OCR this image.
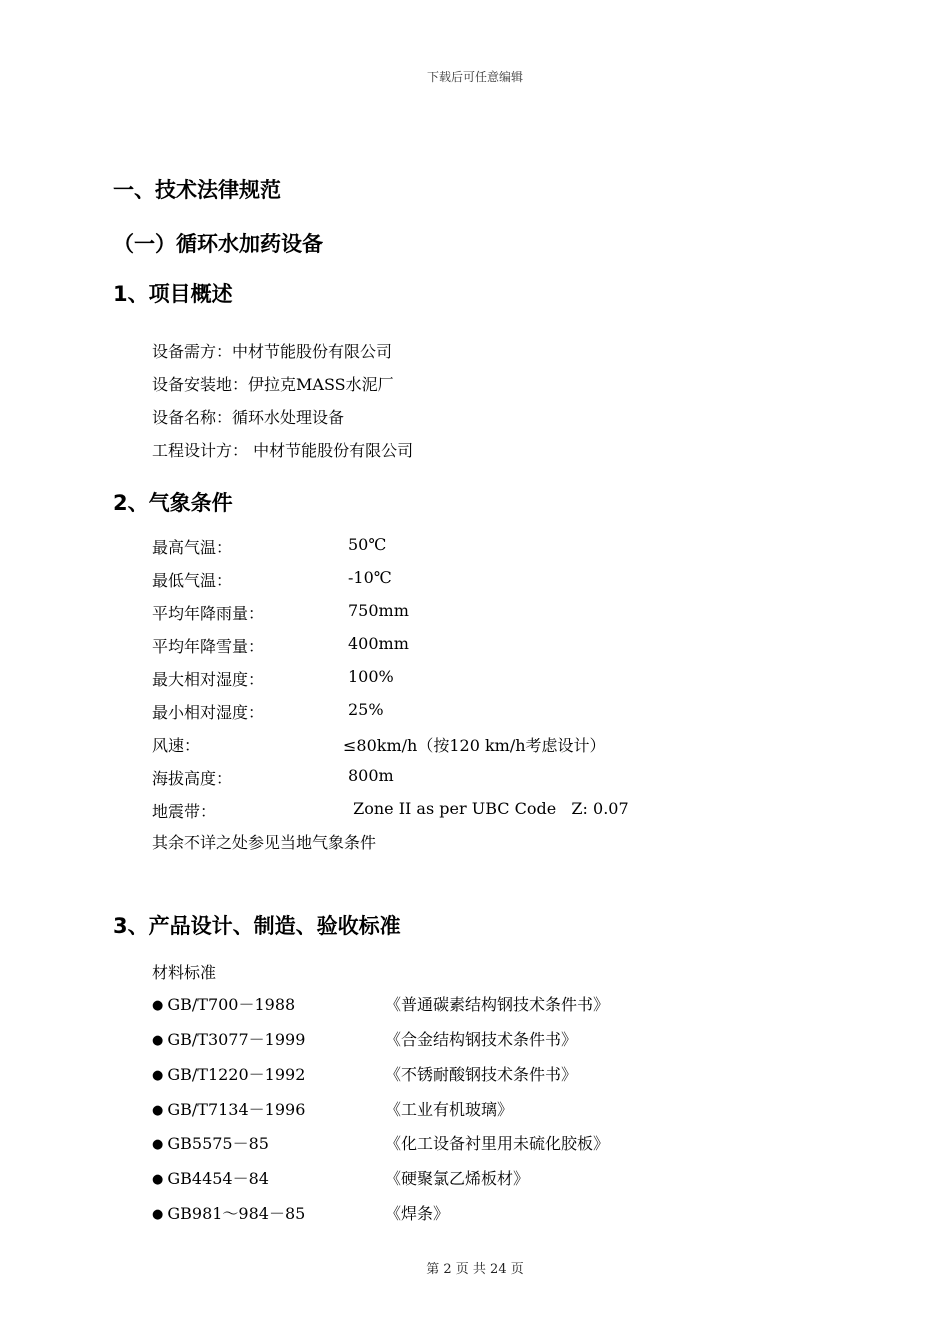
下载后可任意编辑
一、技术法律规范
（一）循环水加药设备
1、项目概述
设备需方：中材节能股份有限公司
设备安装地：伊拉克MASS水泥厂
设备名称：循环水处理设备
工程设计方： 中材节能股份有限公司
2、气象条件
最高气温：	50℃
最低气温：	-10℃
平均年降雨量：	750mm
平均年降雪量：	400mm
最大相对湿度：	100%
最小相对湿度：	25%
风速：	≤80km/h（按120 km/h考虑设计）
海拔高度：	800m
地震带：	Zone II as per UBC Code   Z: 0.07
其余不详之处参见当地气象条件
3、产品设计、制造、验收标准
材料标准
● GB/T700－1988	《普通碳素结构钢技术条件书》
● GB/T3077－1999	《合金结构钢技术条件书》
● GB/T1220－1992	《不锈耐酸钢技术条件书》
● GB/T7134－1996	《工业有机玻璃》
● GB5575－85	《化工设备衬里用未硫化胶板》
● GB4454－84	《硬聚氯乙烯板材》
● GB981～984－85	《焊条》
第 2 页 共 24 页
